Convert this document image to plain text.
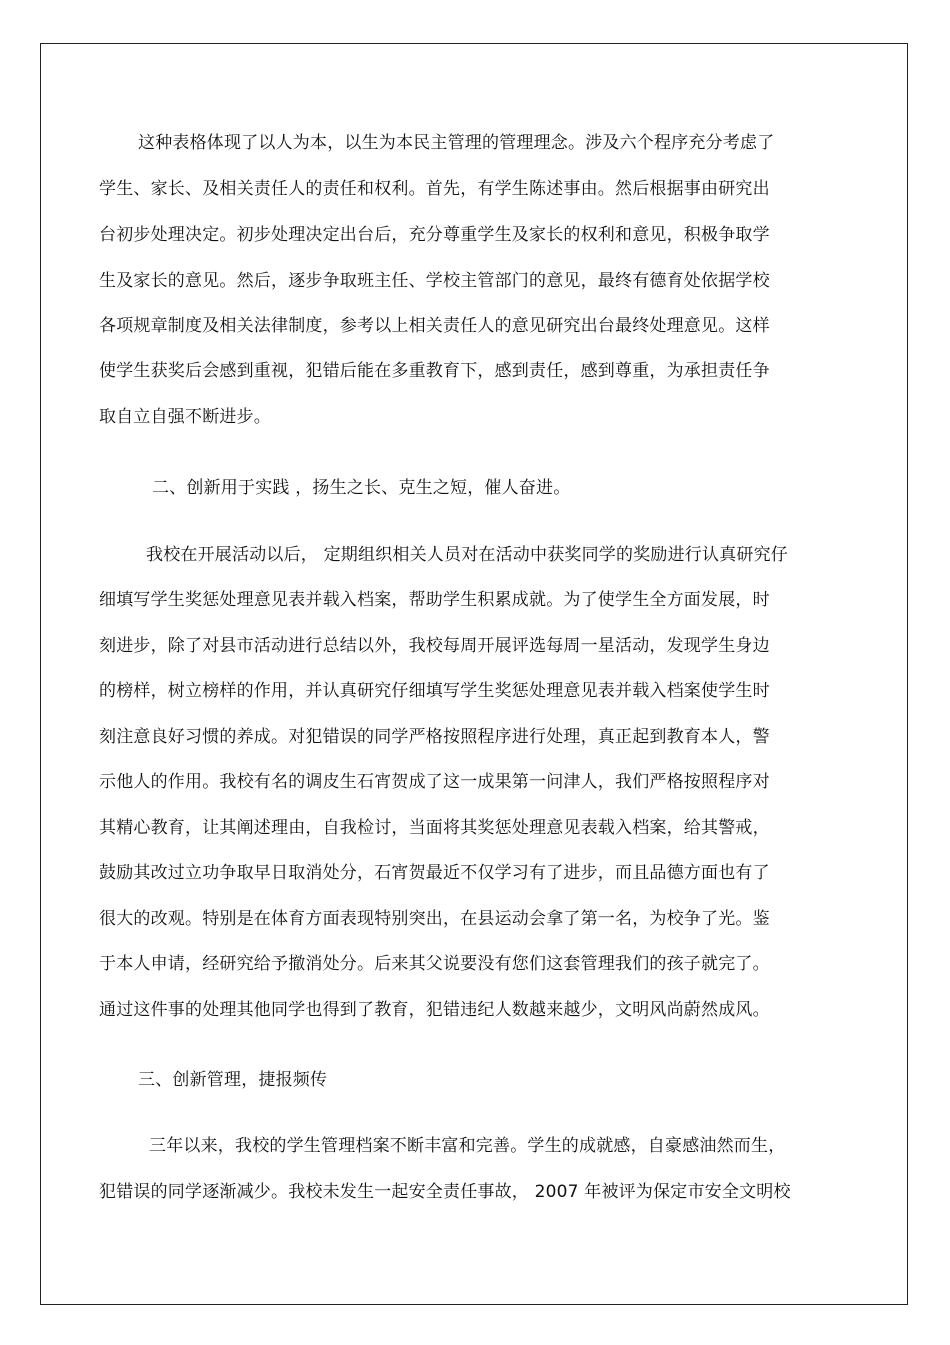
这种表格体现了以人为本，以生为本民主管理的管理理念。涉及六个程序充分考虑了
学生、家长、及相关责任人的责任和权利。首先，有学生陈述事由。然后根据事由研究出
台初步处理决定。初步处理决定出台后，充分尊重学生及家长的权利和意见，积极争取学
生及家长的意见。然后，逐步争取班主任、学校主管部门的意见，最终有德育处依据学校
各项规章制度及相关法律制度，参考以上相关责任人的意见研究出台最终处理意见。这样
使学生获奖后会感到重视，犯错后能在多重教育下，感到责任，感到尊重，为承担责任争
取自立自强不断进步。
二、创新用于实践 ，扬生之长、克生之短，催人奋进。
我校在开展活动以后， 定期组织相关人员对在活动中获奖同学的奖励进行认真研究仔
细填写学生奖惩处理意见表并载入档案，帮助学生积累成就。为了使学生全方面发展，时
刻进步，除了对县市活动进行总结以外，我校每周开展评选每周一星活动，发现学生身边
的榜样，树立榜样的作用，并认真研究仔细填写学生奖惩处理意见表并载入档案使学生时
刻注意良好习惯的养成。对犯错误的同学严格按照程序进行处理，真正起到教育本人，警
示他人的作用。我校有名的调皮生石宵贺成了这一成果第一问津人，我们严格按照程序对
其精心教育，让其阐述理由，自我检讨，当面将其奖惩处理意见表载入档案，给其警戒，
鼓励其改过立功争取早日取消处分，石宵贺最近不仅学习有了进步，而且品德方面也有了
很大的改观。特别是在体育方面表现特别突出，在县运动会拿了第一名，为校争了光。鉴
于本人申请，经研究给予撤消处分。后来其父说要没有您们这套管理我们的孩子就完了。
通过这件事的处理其他同学也得到了教育，犯错违纪人数越来越少，文明风尚蔚然成风。
三、创新管理，捷报频传
三年以来，我校的学生管理档案不断丰富和完善。学生的成就感，自豪感油然而生，
犯错误的同学逐渐减少。我校未发生一起安全责任事故， 2007 年被评为保定市安全文明校
